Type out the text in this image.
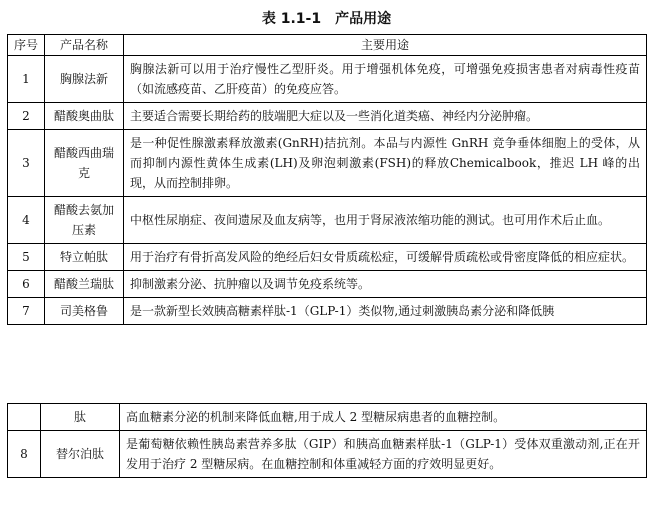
表 1.1-1　产品用途
序号	产品名称	主要用途
1	胸腺法新	胸腺法新可以用于治疗慢性乙型肝炎。用于增强机体免疫，可增强免疫损害患者对病毒性疫苗（如流感疫苗、乙肝疫苗）的免疫应答。
2	醋酸奥曲肽	主要适合需要长期给药的肢端肥大症以及一些消化道类癌、神经内分泌肿瘤。
3	醋酸西曲瑞克	是一种促性腺激素释放激素(GnRH)拮抗剂。本品与内源性 GnRH 竞争垂体细胞上的受体，从而抑制内源性黄体生成素(LH)及卵泡刺激素(FSH)的释放Chemicalbook，推迟 LH 峰的出现，从而控制排卵。
4	醋酸去氨加压素	中枢性尿崩症、夜间遗尿及血友病等，也用于肾尿液浓缩功能的测试。也可用作术后止血。
5	特立帕肽	用于治疗有骨折高发风险的绝经后妇女骨质疏松症，可缓解骨质疏松或骨密度降低的相应症状。
6	醋酸兰瑞肽	抑制激素分泌、抗肿瘤以及调节免疫系统等。
7	司美格鲁	是一款新型长效胰高糖素样肽-1（GLP-1）类似物,通过刺激胰岛素分泌和降低胰
	肽	高血糖素分泌的机制来降低血糖,用于成人 2 型糖尿病患者的血糖控制。
8	替尔泊肽	是葡萄糖依赖性胰岛素营养多肽（GIP）和胰高血糖素样肽-1（GLP-1）受体双重激动剂,正在开发用于治疗 2 型糖尿病。在血糖控制和体重减轻方面的疗效明显更好。
